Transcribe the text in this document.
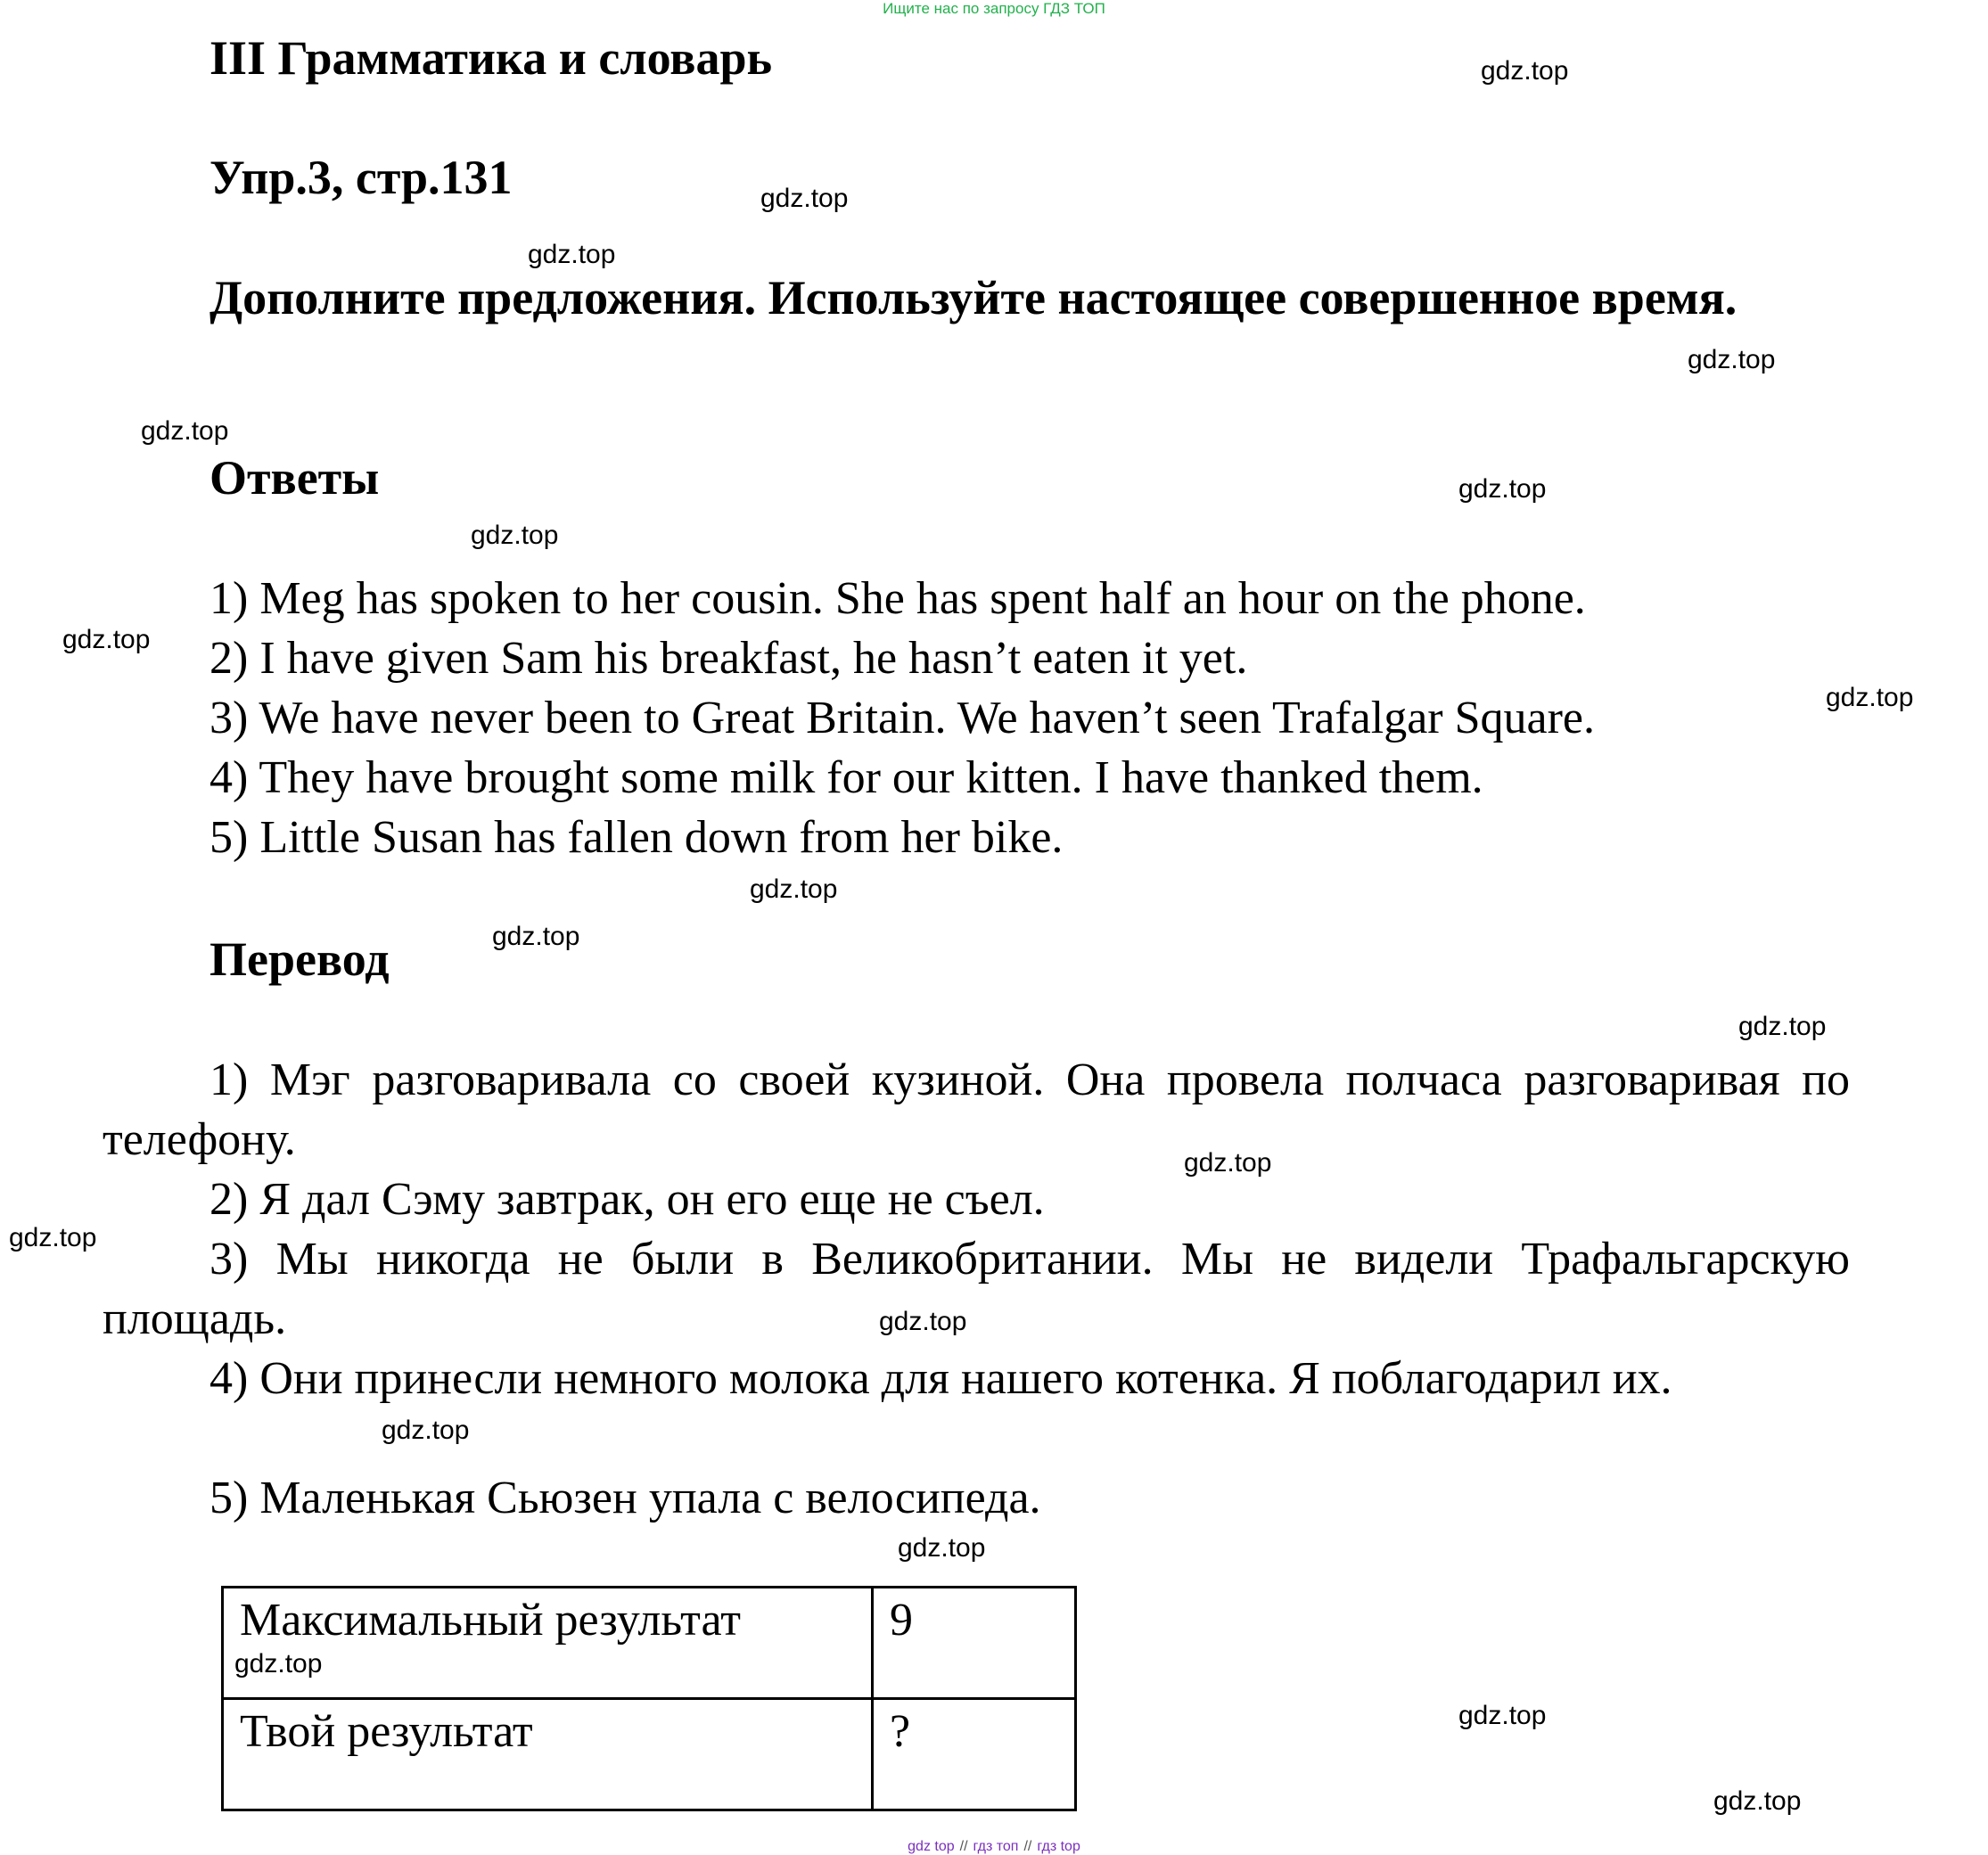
Ищите нас по запросу ГДЗ ТОП
III Грамматика и словарь
Упр.3, стр.131
Дополните предложения. Используйте настоящее совершенное время.
Ответы
1) Meg has spoken to her cousin. She has spent half an hour on the phone.
2) I have given Sam his breakfast, he hasn’t eaten it yet.
3) We have never been to Great Britain. We haven’t seen Trafalgar Square.
4) They have brought some milk for our kitten. I have thanked them.
5) Little Susan has fallen down from her bike.
Перевод
1) Мэг разговаривала со своей кузиной. Она провела полчаса разговаривая по телефону.
2) Я дал Сэму завтрак, он его еще не съел.
3) Мы никогда не были в Великобритании. Мы не видели Трафальгарскую площадь.
4) Они принесли немного молока для нашего котенка. Я поблагодарил их.
5) Маленькая Сьюзен упала с велосипеда.
Максимальный результат	9
Твой результат	?
gdz.top
gdz.top
gdz.top
gdz.top
gdz.top
gdz.top
gdz.top
gdz.top
gdz.top
gdz.top
gdz.top
gdz.top
gdz.top
gdz.top
gdz.top
gdz.top
gdz.top
gdz.top
gdz.top
gdz.top
gdz top // гдз топ // гдз top
